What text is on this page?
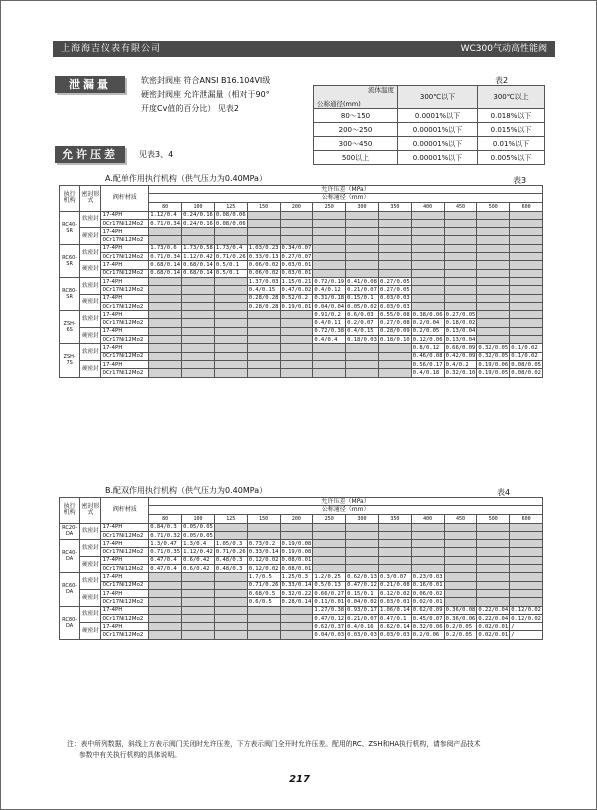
上海海吉仪表有限公司	WC300气动高性能阀
泄漏量	软密封阀座 符合ANSI B16.104VI级
硬密封阀座 允许泄漏量（相对于90°
开度Cv值的百分比） 见表2
表2
流体温度
公称通径(mm)	300℃以下	300℃以上
80～150	0.0001%以下	0.018%以下
200～250	0.00001%以下	0.015%以下
300～450	0.00001%以下	0.01%以下
500以上	0.00001%以下	0.005%以下
允许压差	见表3、4
A.配单作用执行机构（供气压力为0.40MPa）	表3
执行机构	密封形式	阀杆材质	允许压差（MPa）											
			公称通径（mm）											
			80	100	125	150	200	250	300	350	400	450	500	600
RC40-SR	软密封	17-4PH	1.12/0.4	0.24/0.16	0.08/0.06									
		0Cr17Ni12Mo2	0.71/0.34	0.24/0.16	0.08/0.06									
	硬密封	17-4PH												
		0Cr17Ni12Mo2												
RC60-SR	软密封	17-4PH	1.73/0.6	1.73/0.58	1.73/0.4	1.03/0.23	0.34/0.07							
		0Cr17Ni12Mo2	0.71/0.34	1.12/0.42	0.71/0.26	0.33/0.13	0.27/0.07							
	硬密封	17-4PH	0.68/0.14	0.68/0.14	0.5/0.1	0.06/0.02	0.03/0.01							
		0Cr17Ni12Mo2	0.68/0.14	0.68/0.14	0.5/0.1	0.06/0.02	0.03/0.01							
RC80-SR	软密封	17-4PH				1.37/0.03	1.15/0.21	0.72/0.19	0.41/0.08	0.27/0.05				
		0Cr17Ni12Mo2				0.4/0.15	0.47/0.02	0.4/0.12	0.21/0.07	0.27/0.05				
	硬密封	17-4PH				0.28/0.28	0.52/0.2	0.31/0.18	0.15/0.1	0.03/0.03				
		0Cr17Ni12Mo2				0.28/0.28	0.19/0.01	0.04/0.04	0.05/0.02	0.03/0.03				
ZSH-6S	软密封	17-4PH						0.91/0.2	0.6/0.03	0.55/0.08	0.38/0.06	0.27/0.05		
		0Cr17Ni12Mo2						0.4/0.11	0.2/0.07	0.27/0.08	0.2/0.04	0.18/0.02		
	硬密封	17-4PH						0.72/0.38	0.4/0.15	0.28/0.09	0.2/0.05	0.13/0.04		
		0Cr17Ni12Mo2						0.4/0.4	0.18/0.03	0.18/0.10	0.12/0.06	0.13/0.04		
ZSH-7S	软密封	17-4PH									0.8/0.12	0.66/0.09	0.32/0.05	0.1/0.02
		0Cr17Ni12Mo2									0.46/0.08	0.42/0.09	0.32/0.05	0.1/0.02
	硬密封	17-4PH									0.56/0.17	0.4/0.2	0.19/0.06	0.08/0.05
		0Cr17Ni12Mo2									0.4/0.18	0.32/0.10	0.19/0.05	0.08/0.02
B.配双作用执行机构（供气压力为0.40MPa）	表4
执行机构	密封形式	阀杆材质	允许压差（MPa）											
			公称通径（mm）											
			80	100	125	150	200	250	300	350	400	450	500	600
RC20-DA	软密封	17-4PH	0.84/0.3	0.05/0.05										
		0Cr17Ni12Mo2	0.71/0.32	0.05/0.05										
RC40-DA	软密封	17-4PH	1.3/0.47	1.3/0.4	1.05/0.3	0.73/0.2	0.19/0.08							
		0Cr17Ni12Mo2	0.71/0.35	1.12/0.42	0.71/0.26	0.33/0.14	0.19/0.08							
	硬密封	17-4PH	0.47/0.4	0.6/0.42	0.48/0.3	0.12/0.02	0.08/0.01							
		0Cr17Ni12Mo2	0.47/0.4	0.6/0.42	0.48/0.3	0.12/0.02	0.08/0.01							
RC60-DA	软密封	17-4PH				1.7/0.5	1.25/0.3	1.2/0.25	0.62/0.13	0.3/0.07	0.23/0.03			
		0Cr17Ni12Mo2				0.71/0.26	0.33/0.14	0.5/0.13	0.47/0.12	0.21/0.08	0.16/0.01			
	硬密封	17-4PH				0.68/0.5	0.32/0.22	0.66/0.27	0.15/0.1	0.12/0.02	0.06/0.02			
		0Cr17Ni12Mo2				0.6/0.5	0.28/0.14	0.11/0.01	0.04/0.02	0.03/0.01	0.02/0.01			
RC80-DA	软密封	17-4PH						1.27/0.38	0.93/0.17	1.06/0.14	0.62/0.09	0.36/0.08	0.22/0.04	0.12/0.02
		0Cr17Ni12Mo2						0.47/0.12	0.21/0.07	0.47/0.1	0.45/0.07	0.36/0.06	0.22/0.04	0.12/0.02
	硬密封	17-4PH						0.62/0.37	0.4/0.16	0.62/0.14	0.32/0.06	0.2/0.05	0.02/0.01	/
		0Cr17Ni12Mo2						0.04/0.03	0.03/0.03	0.03/0.03	0.2/0.06	0.2/0.05	0.02/0.01	/
注：表中所列数据，斜线上方表示阀门关闭时允许压差，下方表示阀门全开时允许压差。配用的RC、ZSH和HA执行机构，请参阅产品技术
参数中有关执行机构的具体说明。
217
